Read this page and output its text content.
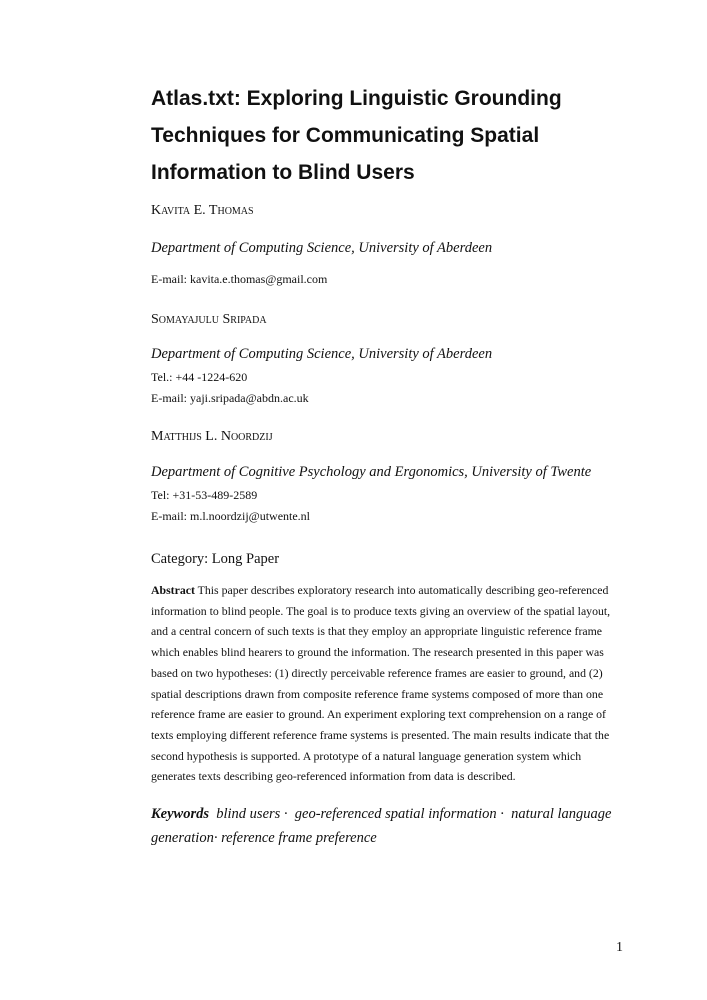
Atlas.txt: Exploring Linguistic Grounding
Techniques for Communicating Spatial
Information to Blind Users
Kavita E. Thomas
Department of Computing Science, University of Aberdeen
E-mail: kavita.e.thomas@gmail.com
Somayajulu Sripada
Department of Computing Science, University of Aberdeen
Tel.: +44 -1224-620
E-mail: yaji.sripada@abdn.ac.uk
Matthijs L. Noordzij
Department of Cognitive Psychology and Ergonomics, University of Twente
Tel: +31-53-489-2589
E-mail: m.l.noordzij@utwente.nl
Category: Long Paper
Abstract This paper describes exploratory research into automatically describing geo-referenced
information to blind people. The goal is to produce texts giving an overview of the spatial layout,
and a central concern of such texts is that they employ an appropriate linguistic reference frame
which enables blind hearers to ground the information. The research presented in this paper was
based on two hypotheses: (1) directly perceivable reference frames are easier to ground, and (2)
spatial descriptions drawn from composite reference frame systems composed of more than one
reference frame are easier to ground. An experiment exploring text comprehension on a range of
texts employing different reference frame systems is presented. The main results indicate that the
second hypothesis is supported. A prototype of a natural language generation system which
generates texts describing geo-referenced information from data is described.
Keywords  blind users ·  geo-referenced spatial information ·  natural language
generation· reference frame preference
1
